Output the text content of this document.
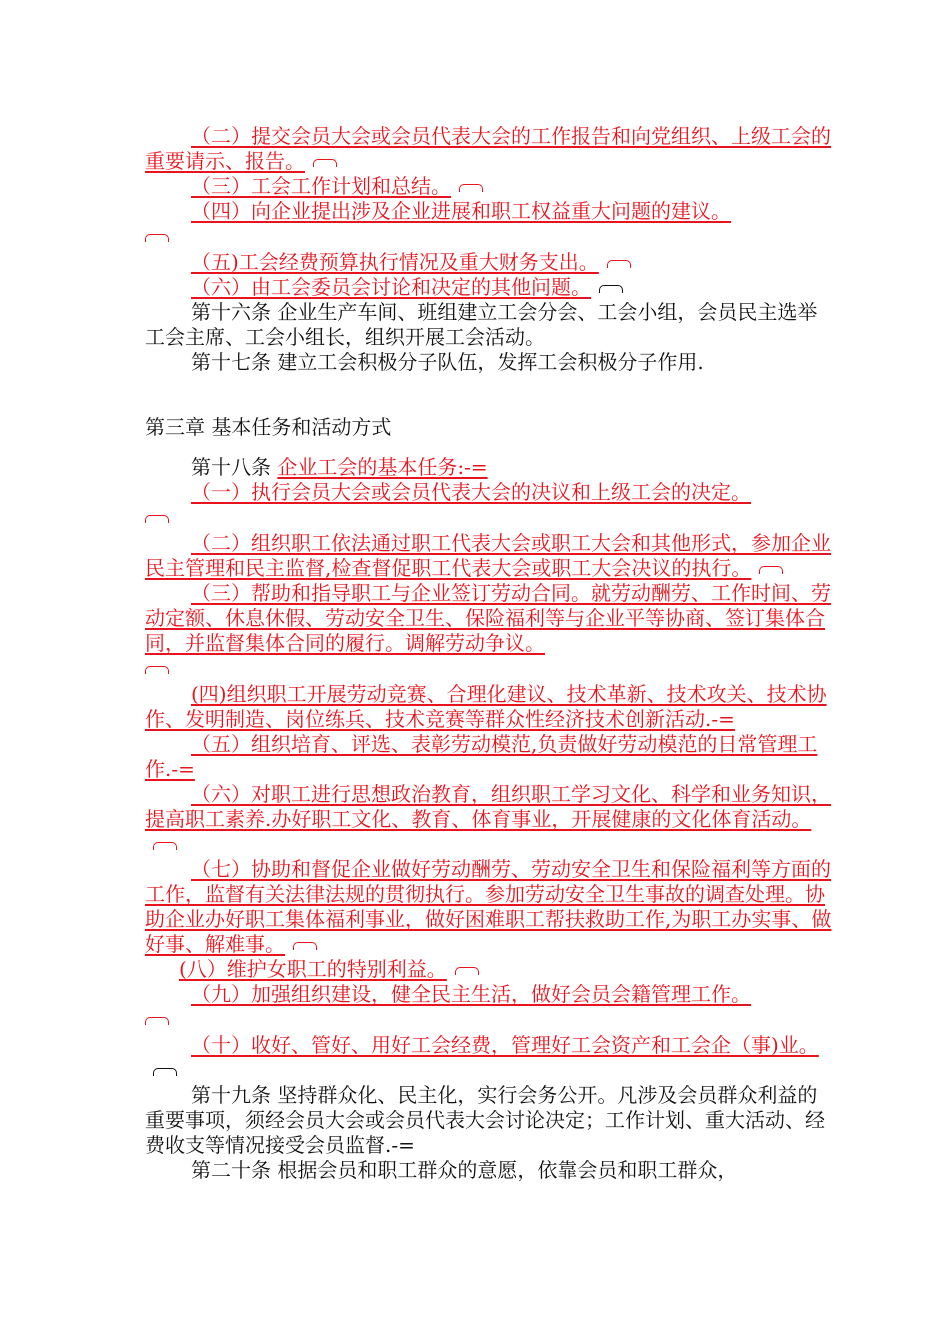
（二）提交会员大会或会员代表大会的工作报告和向党组织、上级工会的重要请示、报告。

（三）工会工作计划和总结。

（四）向企业提出涉及企业进展和职工权益重大问题的建议。

（五)工会经费预算执行情况及重大财务支出。

（六）由工会委员会讨论和决定的其他问题。

第十六条 企业生产车间、班组建立工会分会、工会小组，会员民主选举工会主席、工会小组长，组织开展工会活动。

第十七条 建立工会积极分子队伍，发挥工会积极分子作用.

第三章 基本任务和活动方式

第十八条 企业工会的基本任务:-=

（一）执行会员大会或会员代表大会的决议和上级工会的决定。

（二）组织职工依法通过职工代表大会或职工大会和其他形式，参加企业民主管理和民主监督,检查督促职工代表大会或职工大会决议的执行。

（三）帮助和指导职工与企业签订劳动合同。就劳动酬劳、工作时间、劳动定额、休息休假、劳动安全卫生、保险福利等与企业平等协商、签订集体合同，并监督集体合同的履行。调解劳动争议。

(四)组织职工开展劳动竞赛、合理化建议、技术革新、技术攻关、技术协作、发明制造、岗位练兵、技术竞赛等群众性经济技术创新活动.-=

（五）组织培育、评选、表彰劳动模范,负责做好劳动模范的日常管理工作.-=

（六）对职工进行思想政治教育，组织职工学习文化、科学和业务知识，提高职工素养.办好职工文化、教育、体育事业，开展健康的文化体育活动。

（七）协助和督促企业做好劳动酬劳、劳动安全卫生和保险福利等方面的工作，监督有关法律法规的贯彻执行。参加劳动安全卫生事故的调查处理。协助企业办好职工集体福利事业，做好困难职工帮扶救助工作,为职工办实事、做好事、解难事。

(八）维护女职工的特别利益。

（九）加强组织建设，健全民主生活，做好会员会籍管理工作。

（十）收好、管好、用好工会经费，管理好工会资产和工会企（事)业。

第十九条 坚持群众化、民主化，实行会务公开。凡涉及会员群众利益的重要事项，须经会员大会或会员代表大会讨论决定；工作计划、重大活动、经费收支等情况接受会员监督.-=

第二十条 根据会员和职工群众的意愿，依靠会员和职工群众，
